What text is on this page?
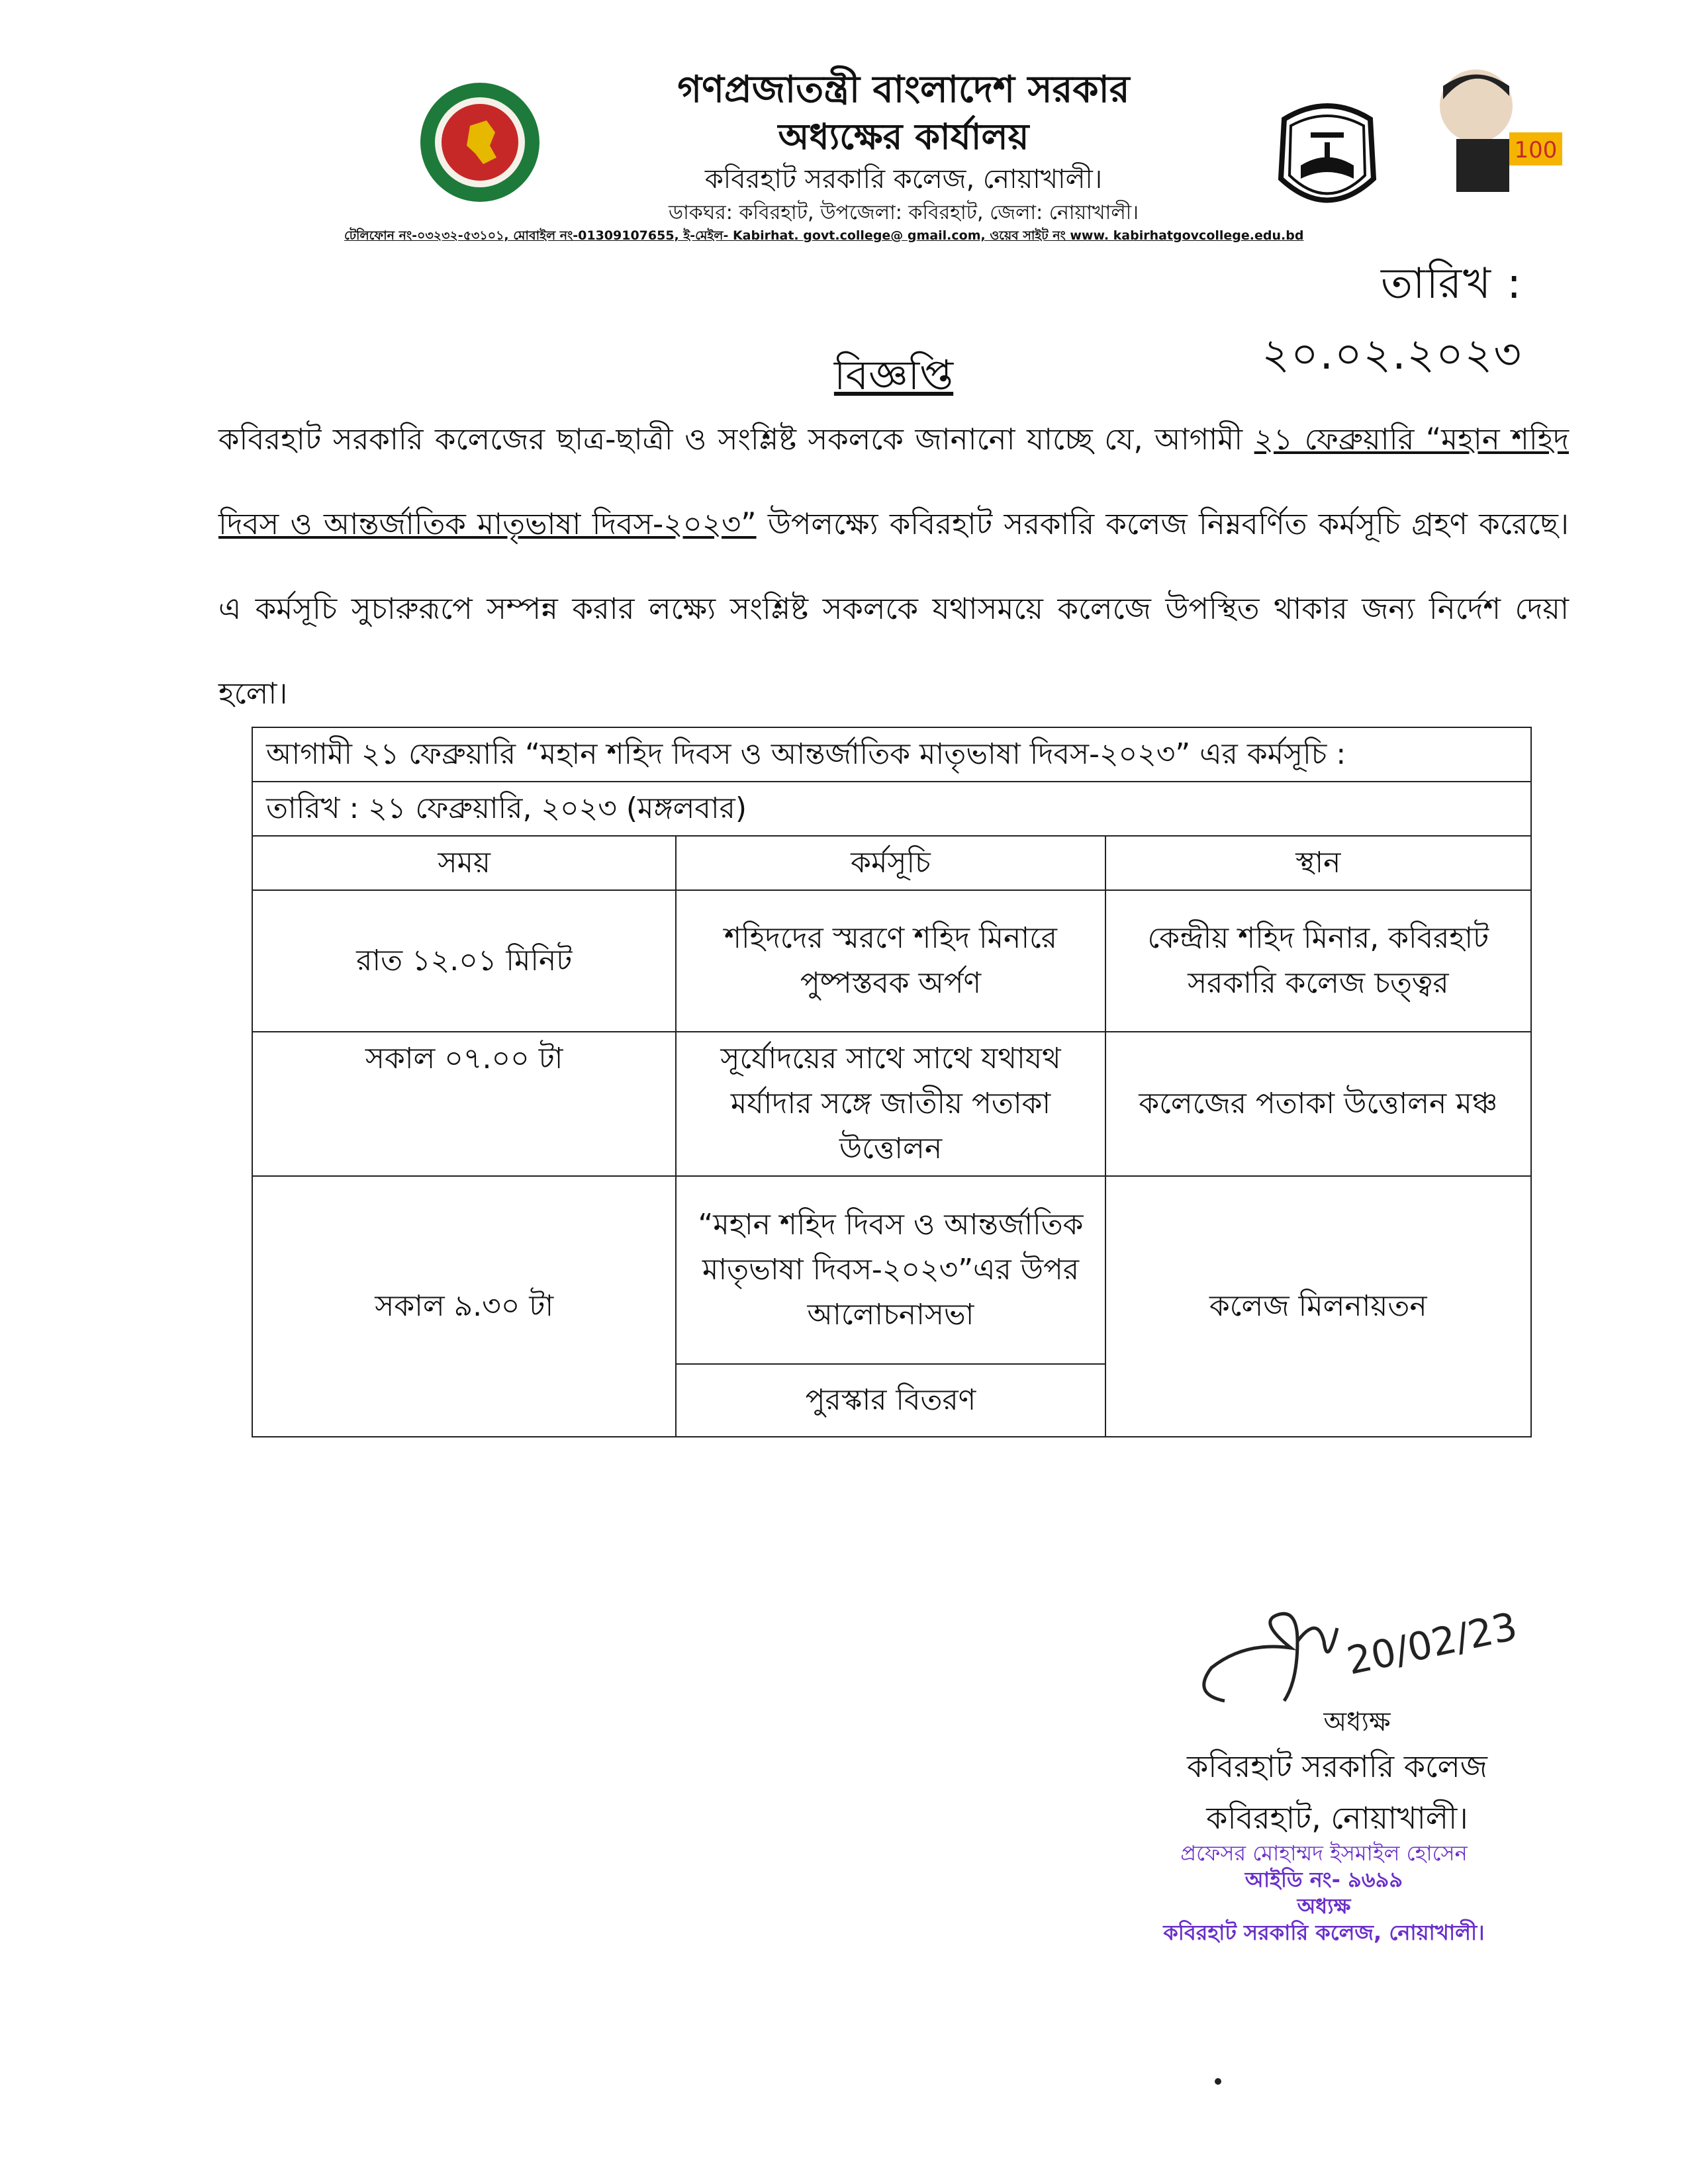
গণপ্রজাতন্ত্রী বাংলাদেশ সরকার
অধ্যক্ষের কার্যালয়
কবিরহাট সরকারি কলেজ, নোয়াখালী।
ডাকঘর: কবিরহাট, উপজেলা: কবিরহাট, জেলা: নোয়াখালী।
100
টেলিফোন নং-০৩২৩২-৫৩১০১, মোবাইল নং-01309107655, ই-মেইল- Kabirhat. govt.college@ gmail.com, ওয়েব সাইট নং www. kabirhatgovcollege.edu.bd
তারিখ : ২০.০২.২০২৩
বিজ্ঞপ্তি
কবিরহাট সরকারি কলেজের ছাত্র-ছাত্রী ও সংশ্লিষ্ট সকলকে জানানো যাচ্ছে যে, আগামী ২১ ফেব্রুয়ারি “মহান শহিদ দিবস ও আন্তর্জাতিক মাতৃভাষা দিবস-২০২৩” উপলক্ষ্যে কবিরহাট সরকারি কলেজ নিম্নবর্ণিত কর্মসূচি গ্রহণ করেছে। এ কর্মসূচি সুচারুরূপে সম্পন্ন করার লক্ষ্যে সংশ্লিষ্ট সকলকে যথাসময়ে কলেজে উপস্থিত থাকার জন্য নির্দেশ দেয়া হলো।
আগামী ২১ ফেব্রুয়ারি “মহান শহিদ দিবস ও আন্তর্জাতিক মাতৃভাষা দিবস-২০২৩” এর কর্মসূচি :		
তারিখ : ২১ ফেব্রুয়ারি, ২০২৩ (মঙ্গলবার)		
সময়	কর্মসূচি	স্থান
রাত ১২.০১ মিনিট	শহিদদের স্মরণে শহিদ মিনারে পুষ্পস্তবক অর্পণ	কেন্দ্রীয় শহিদ মিনার, কবিরহাট সরকারি কলেজ চত্ত্বর
সকাল ০৭.০০ টা	সূর্যোদয়ের সাথে সাথে যথাযথ মর্যাদার সঙ্গে জাতীয় পতাকা উত্তোলন	কলেজের পতাকা উত্তোলন মঞ্চ
সকাল ৯.৩০ টা	“মহান শহিদ দিবস ও আন্তর্জাতিক মাতৃভাষা দিবস-২০২৩”এর উপর আলোচনাসভা	কলেজ মিলনায়তন
	পুরস্কার বিতরণ	
20/02/23
অধ্যক্ষ
কবিরহাট সরকারি কলেজ
কবিরহাট, নোয়াখালী।
প্রফেসর মোহাম্মদ ইসমাইল হোসেন
আইডি নং- ৯৬৯৯
অধ্যক্ষ
কবিরহাট সরকারি কলেজ, নোয়াখালী।
